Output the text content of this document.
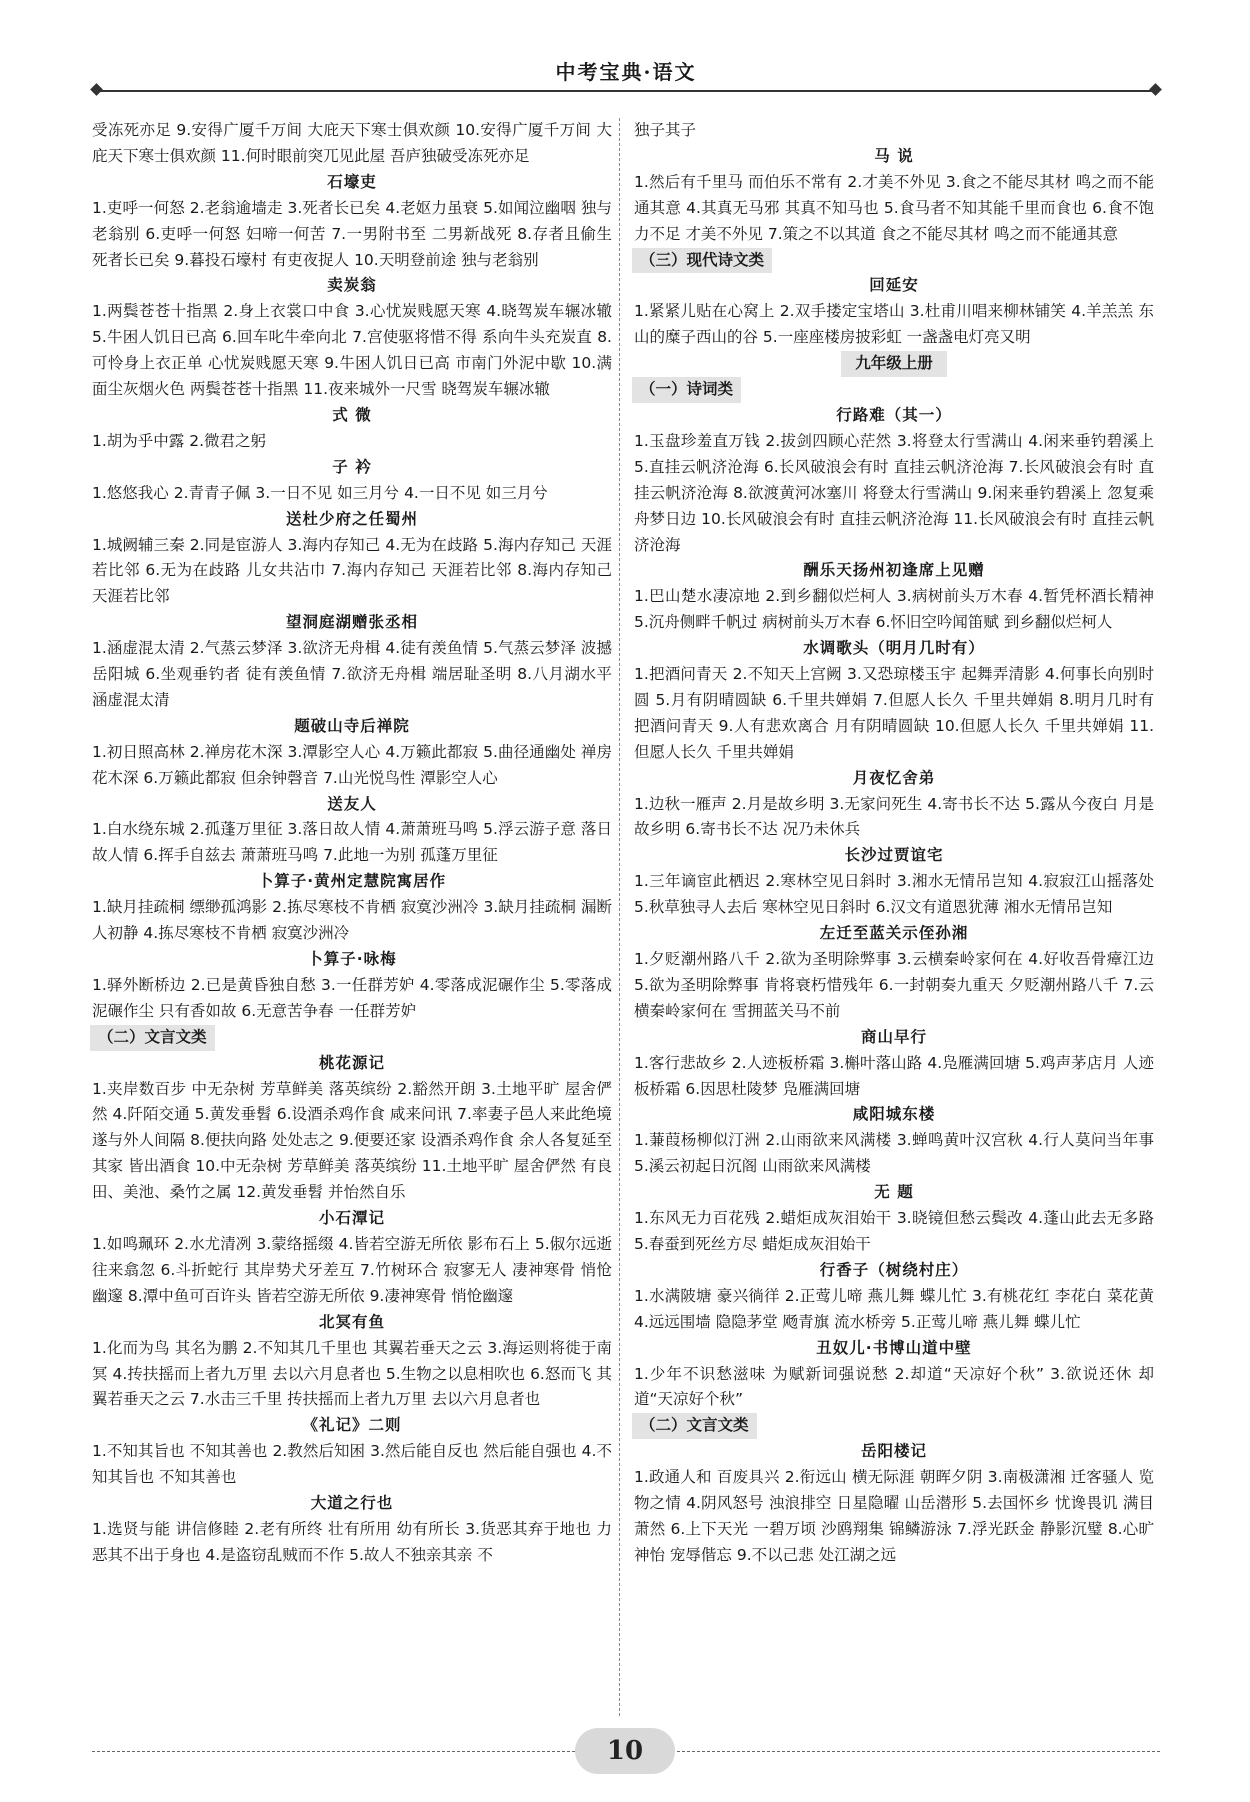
中考宝典·语文
受冻死亦足 9.安得广厦千万间 大庇天下寒士俱欢颜 10.安得广厦千万间 大庇天下寒士俱欢颜 11.何时眼前突兀见此屋 吾庐独破受冻死亦足
石壕吏
1.吏呼一何怒 2.老翁逾墙走 3.死者长已矣 4.老妪力虽衰 5.如闻泣幽咽 独与老翁别 6.吏呼一何怒 妇啼一何苦 7.一男附书至 二男新战死 8.存者且偷生 死者长已矣 9.暮投石壕村 有吏夜捉人 10.天明登前途 独与老翁别
卖炭翁
1.两鬓苍苍十指黑 2.身上衣裳口中食 3.心忧炭贱愿天寒 4.晓驾炭车辗冰辙 5.牛困人饥日已高 6.回车叱牛牵向北 7.宫使驱将惜不得 系向牛头充炭直 8.可怜身上衣正单 心忧炭贱愿天寒 9.牛困人饥日已高 市南门外泥中歇 10.满面尘灰烟火色 两鬓苍苍十指黑 11.夜来城外一尺雪 晓驾炭车辗冰辙
式 微
1.胡为乎中露 2.微君之躬
子 衿
1.悠悠我心 2.青青子佩 3.一日不见 如三月兮 4.一日不见 如三月兮
送杜少府之任蜀州
1.城阙辅三秦 2.同是宦游人 3.海内存知己 4.无为在歧路 5.海内存知己 天涯若比邻 6.无为在歧路 儿女共沾巾 7.海内存知己 天涯若比邻 8.海内存知己 天涯若比邻
望洞庭湖赠张丞相
1.涵虚混太清 2.气蒸云梦泽 3.欲济无舟楫 4.徒有羡鱼情 5.气蒸云梦泽 波撼岳阳城 6.坐观垂钓者 徒有羡鱼情 7.欲济无舟楫 端居耻圣明 8.八月湖水平 涵虚混太清
题破山寺后禅院
1.初日照高林 2.禅房花木深 3.潭影空人心 4.万籁此都寂 5.曲径通幽处 禅房花木深 6.万籁此都寂 但余钟磬音 7.山光悦鸟性 潭影空人心
送友人
1.白水绕东城 2.孤蓬万里征 3.落日故人情 4.萧萧班马鸣 5.浮云游子意 落日故人情 6.挥手自兹去 萧萧班马鸣 7.此地一为别 孤蓬万里征
卜算子·黄州定慧院寓居作
1.缺月挂疏桐 缥缈孤鸿影 2.拣尽寒枝不肯栖 寂寞沙洲冷 3.缺月挂疏桐 漏断人初静 4.拣尽寒枝不肯栖 寂寞沙洲冷
卜算子·咏梅
1.驿外断桥边 2.已是黄昏独自愁 3.一任群芳妒 4.零落成泥碾作尘 5.零落成泥碾作尘 只有香如故 6.无意苦争春 一任群芳妒
（二）文言文类
桃花源记
1.夹岸数百步 中无杂树 芳草鲜美 落英缤纷 2.豁然开朗 3.土地平旷 屋舍俨然 4.阡陌交通 5.黄发垂髫 6.设酒杀鸡作食 咸来问讯 7.率妻子邑人来此绝境 遂与外人间隔 8.便扶向路 处处志之 9.便要还家 设酒杀鸡作食 余人各复延至其家 皆出酒食 10.中无杂树 芳草鲜美 落英缤纷 11.土地平旷 屋舍俨然 有良田、美池、桑竹之属 12.黄发垂髫 并怡然自乐
小石潭记
1.如鸣珮环 2.水尤清冽 3.蒙络摇缀 4.皆若空游无所依 影布石上 5.俶尔远逝 往来翕忽 6.斗折蛇行 其岸势犬牙差互 7.竹树环合 寂寥无人 凄神寒骨 悄怆幽邃 8.潭中鱼可百许头 皆若空游无所依 9.凄神寒骨 悄怆幽邃
北冥有鱼
1.化而为鸟 其名为鹏 2.不知其几千里也 其翼若垂天之云 3.海运则将徙于南冥 4.抟扶摇而上者九万里 去以六月息者也 5.生物之以息相吹也 6.怒而飞 其翼若垂天之云 7.水击三千里 抟扶摇而上者九万里 去以六月息者也
《礼记》二则
1.不知其旨也 不知其善也 2.教然后知困 3.然后能自反也 然后能自强也 4.不知其旨也 不知其善也
大道之行也
1.选贤与能 讲信修睦 2.老有所终 壮有所用 幼有所长 3.货恶其弃于地也 力恶其不出于身也 4.是盗窃乱贼而不作 5.故人不独亲其亲 不
独子其子
马 说
1.然后有千里马 而伯乐不常有 2.才美不外见 3.食之不能尽其材 鸣之而不能通其意 4.其真无马邪 其真不知马也 5.食马者不知其能千里而食也 6.食不饱 力不足 才美不外见 7.策之不以其道 食之不能尽其材 鸣之而不能通其意
（三）现代诗文类
回延安
1.紧紧儿贴在心窝上 2.双手搂定宝塔山 3.杜甫川唱来柳林铺笑 4.羊羔羔 东山的糜子西山的谷 5.一座座楼房披彩虹 一盏盏电灯亮又明
九年级上册
（一）诗词类
行路难（其一）
1.玉盘珍羞直万钱 2.拔剑四顾心茫然 3.将登太行雪满山 4.闲来垂钓碧溪上 5.直挂云帆济沧海 6.长风破浪会有时 直挂云帆济沧海 7.长风破浪会有时 直挂云帆济沧海 8.欲渡黄河冰塞川 将登太行雪满山 9.闲来垂钓碧溪上 忽复乘舟梦日边 10.长风破浪会有时 直挂云帆济沧海 11.长风破浪会有时 直挂云帆济沧海
酬乐天扬州初逢席上见赠
1.巴山楚水凄凉地 2.到乡翻似烂柯人 3.病树前头万木春 4.暂凭杯酒长精神 5.沉舟侧畔千帆过 病树前头万木春 6.怀旧空吟闻笛赋 到乡翻似烂柯人
水调歌头（明月几时有）
1.把酒问青天 2.不知天上宫阙 3.又恐琼楼玉宇 起舞弄清影 4.何事长向别时圆 5.月有阴晴圆缺 6.千里共婵娟 7.但愿人长久 千里共婵娟 8.明月几时有 把酒问青天 9.人有悲欢离合 月有阴晴圆缺 10.但愿人长久 千里共婵娟 11.但愿人长久 千里共婵娟
月夜忆舍弟
1.边秋一雁声 2.月是故乡明 3.无家问死生 4.寄书长不达 5.露从今夜白 月是故乡明 6.寄书长不达 况乃未休兵
长沙过贾谊宅
1.三年谪宦此栖迟 2.寒林空见日斜时 3.湘水无情吊岂知 4.寂寂江山摇落处 5.秋草独寻人去后 寒林空见日斜时 6.汉文有道恩犹薄 湘水无情吊岂知
左迁至蓝关示侄孙湘
1.夕贬潮州路八千 2.欲为圣明除弊事 3.云横秦岭家何在 4.好收吾骨瘴江边 5.欲为圣明除弊事 肯将衰朽惜残年 6.一封朝奏九重天 夕贬潮州路八千 7.云横秦岭家何在 雪拥蓝关马不前
商山早行
1.客行悲故乡 2.人迹板桥霜 3.槲叶落山路 4.凫雁满回塘 5.鸡声茅店月 人迹板桥霜 6.因思杜陵梦 凫雁满回塘
咸阳城东楼
1.蒹葭杨柳似汀洲 2.山雨欲来风满楼 3.蝉鸣黄叶汉宫秋 4.行人莫问当年事 5.溪云初起日沉阁 山雨欲来风满楼
无 题
1.东风无力百花残 2.蜡炬成灰泪始干 3.晓镜但愁云鬓改 4.蓬山此去无多路 5.春蚕到死丝方尽 蜡炬成灰泪始干
行香子（树绕村庄）
1.水满陂塘 豪兴徜徉 2.正莺儿啼 燕儿舞 蝶儿忙 3.有桃花红 李花白 菜花黄 4.远远围墙 隐隐茅堂 飏青旗 流水桥旁 5.正莺儿啼 燕儿舞 蝶儿忙
丑奴儿·书博山道中壁
1.少年不识愁滋味 为赋新词强说愁 2.却道“天凉好个秋” 3.欲说还休 却道“天凉好个秋”
（二）文言文类
岳阳楼记
1.政通人和 百废具兴 2.衔远山 横无际涯 朝晖夕阴 3.南极潇湘 迁客骚人 览物之情 4.阴风怒号 浊浪排空 日星隐曜 山岳潜形 5.去国怀乡 忧谗畏讥 满目萧然 6.上下天光 一碧万顷 沙鸥翔集 锦鳞游泳 7.浮光跃金 静影沉璧 8.心旷神怡 宠辱偕忘 9.不以己悲 处江湖之远
10
